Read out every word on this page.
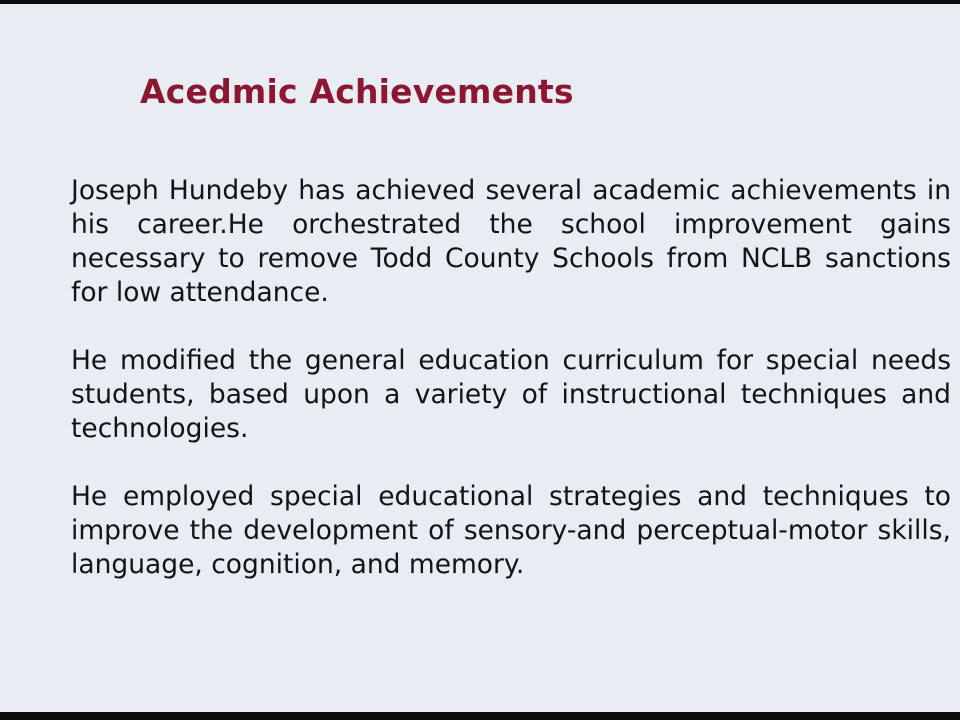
Acedmic Achievements

Joseph Hundeby has achieved several academic achievements in his career.He orchestrated the school improvement gains necessary to remove Todd County Schools from NCLB sanctions for low attendance.

He modified the general education curriculum for special needs students, based upon a variety of instructional techniques and technologies.

He employed special educational strategies and techniques to improve the development of sensory-and perceptual-motor skills, language, cognition, and memory.
